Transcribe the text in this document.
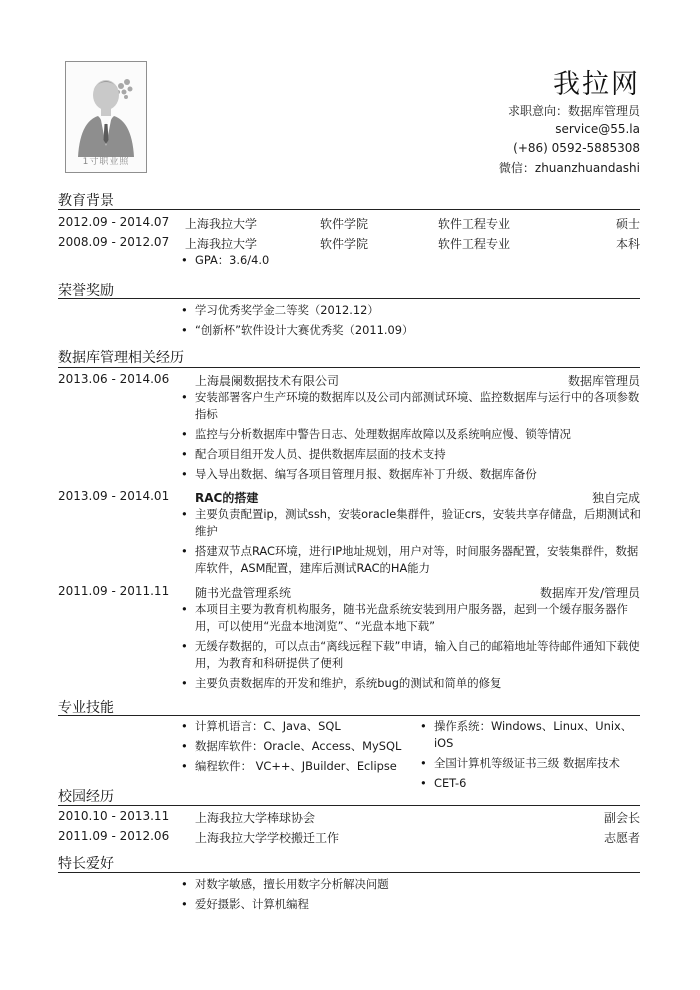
1寸职业照
我拉网
求职意向：数据库管理员
service@55.la
(+86) 0592-5885308
微信：zhuanzhuandashi
教育背景
2012.09 - 2014.07 上海我拉大学	软件学院	软件工程专业	硕士
2008.09 - 2012.07 上海我拉大学	软件学院	软件工程专业	本科
• GPA：3.6/4.0
荣誉奖励
• 学习优秀奖学金二等奖（2012.12）
• “创新杯”软件设计大赛优秀奖（2011.09）
数据库管理相关经历
2013.06 - 2014.06 上海晨阑数据技术有限公司	数据库管理员
• 安装部署客户生产环境的数据库以及公司内部测试环境、监控数据库与运行中的各项参数指标
• 监控与分析数据库中警告日志、处理数据库故障以及系统响应慢、锁等情况
• 配合项目组开发人员、提供数据库层面的技术支持
• 导入导出数据、编写各项目管理月报、数据库补丁升级、数据库备份
2013.09 - 2014.01 RAC的搭建	独自完成
• 主要负责配置ip，测试ssh，安装oracle集群件，验证crs，安装共享存储盘，后期测试和维护
• 搭建双节点RAC环境，进行IP地址规划，用户对等，时间服务器配置，安装集群件，数据库软件，ASM配置，建库后测试RAC的HA能力
2011.09 - 2011.11 随书光盘管理系统	数据库开发/管理员
• 本项目主要为教育机构服务，随书光盘系统安装到用户服务器，起到一个缓存服务器作用，可以使用“光盘本地浏览”、“光盘本地下载”
• 无缓存数据的，可以点击“离线远程下载”申请，输入自己的邮箱地址等待邮件通知下载使用，为教育和科研提供了便利
• 主要负责数据库的开发和维护，系统bug的测试和简单的修复
专业技能
• 计算机语言：C、Java、SQL
• 数据库软件：Oracle、Access、MySQL
• 编程软件： VC++、JBuilder、Eclipse
• 操作系统：Windows、Linux、Unix、iOS
• 全国计算机等级证书三级 数据库技术
• CET-6
校园经历
2010.10 - 2013.11 上海我拉大学棒球协会	副会长
2011.09 - 2012.06 上海我拉大学学校搬迁工作	志愿者
特长爱好
• 对数字敏感，擅长用数字分析解决问题
• 爱好摄影、计算机编程
